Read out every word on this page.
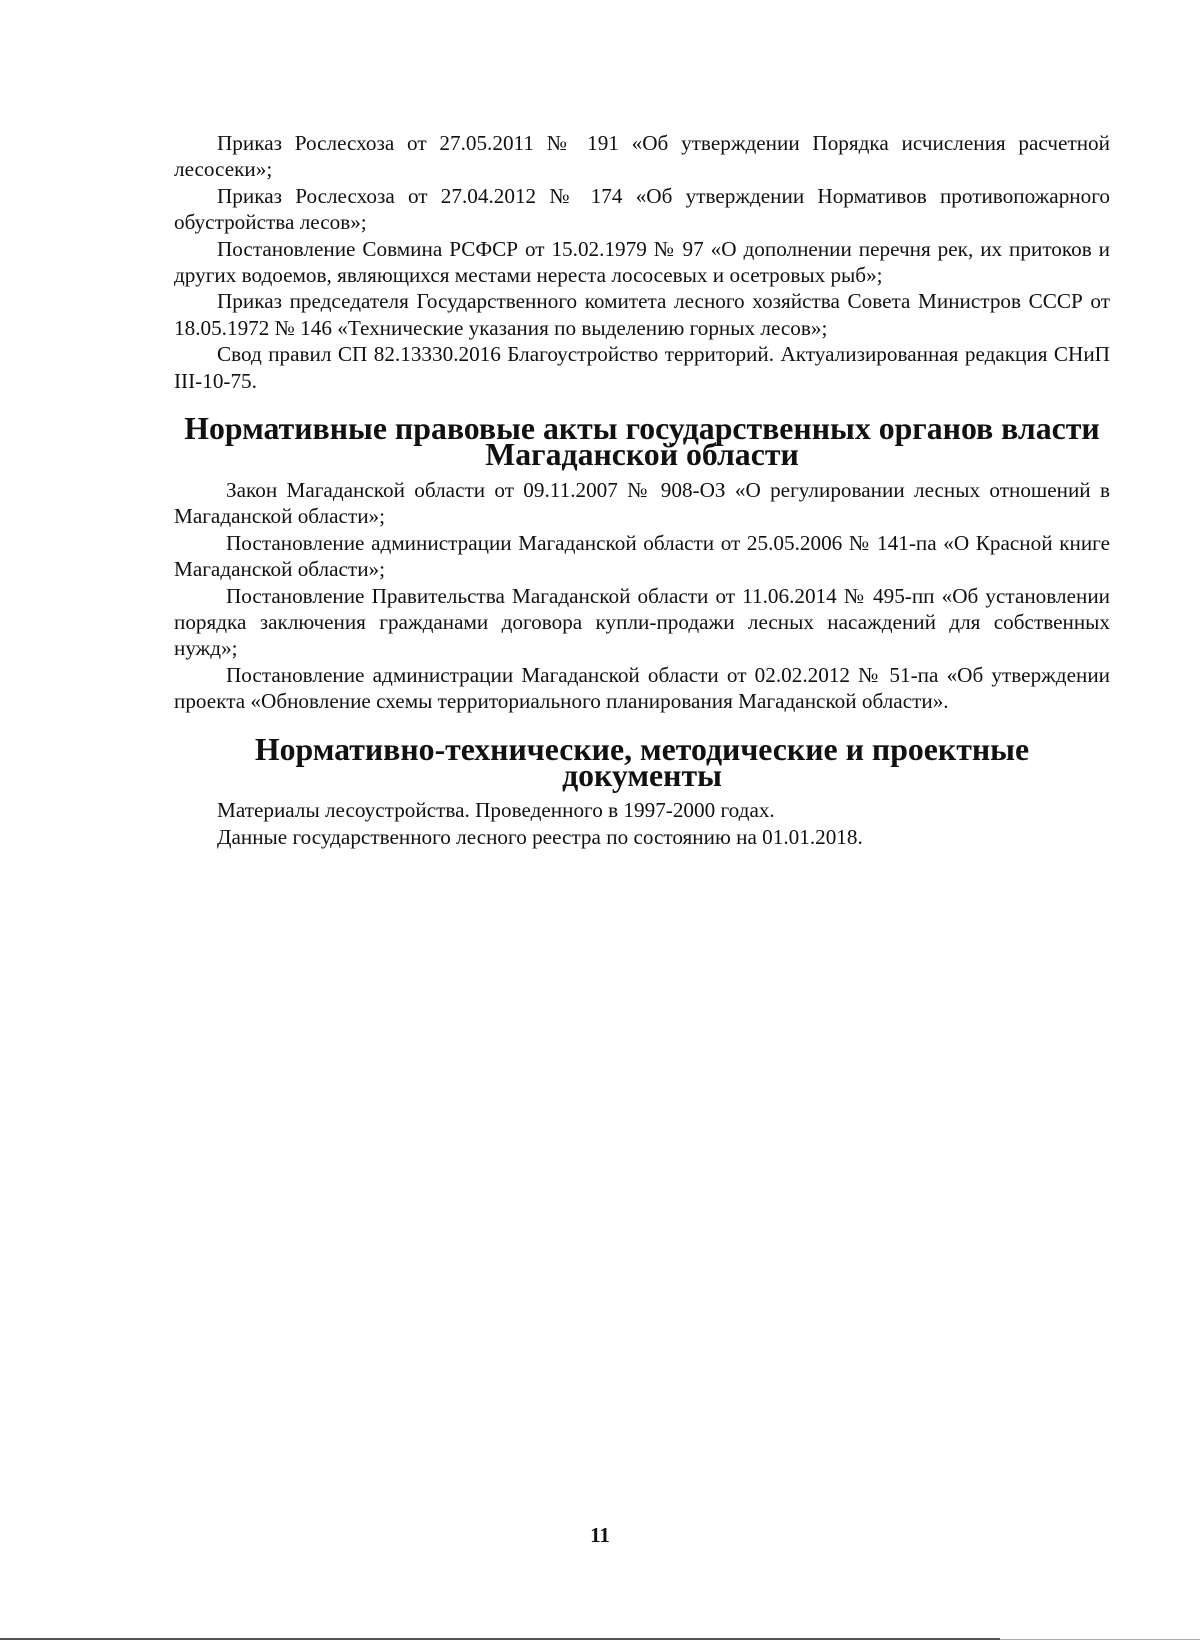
Приказ Рослесхоза от 27.05.2011 № 191 «Об утверждении Порядка исчисления расчетной лесосеки»;

Приказ Рослесхоза от 27.04.2012 № 174 «Об утверждении Нормативов противопожарного обустройства лесов»;

Постановление Совмина РСФСР от 15.02.1979 № 97 «О дополнении перечня рек, их притоков и других водоемов, являющихся местами нереста лососевых и осетровых рыб»;

Приказ председателя Государственного комитета лесного хозяйства Совета Министров СССР от 18.05.1972 № 146 «Технические указания по выделению горных лесов»;

Свод правил СП 82.13330.2016 Благоустройство территорий. Актуализированная редакция СНиП III-10-75.

Нормативные правовые акты государственных органов власти Магаданской области

Закон Магаданской области от 09.11.2007 № 908-ОЗ «О регулировании лесных отношений в Магаданской области»;

Постановление администрации Магаданской области от 25.05.2006 № 141-па «О Красной книге Магаданской области»;

Постановление Правительства Магаданской области от 11.06.2014 № 495-пп «Об установлении порядка заключения гражданами договора купли-продажи лесных насаждений для собственных нужд»;

Постановление администрации Магаданской области от 02.02.2012 № 51-па «Об утверждении проекта «Обновление схемы территориального планирования Магаданской области».

Нормативно-технические, методические и проектные документы

Материалы лесоустройства. Проведенного в 1997-2000 годах.

Данные государственного лесного реестра по состоянию на 01.01.2018.

11
